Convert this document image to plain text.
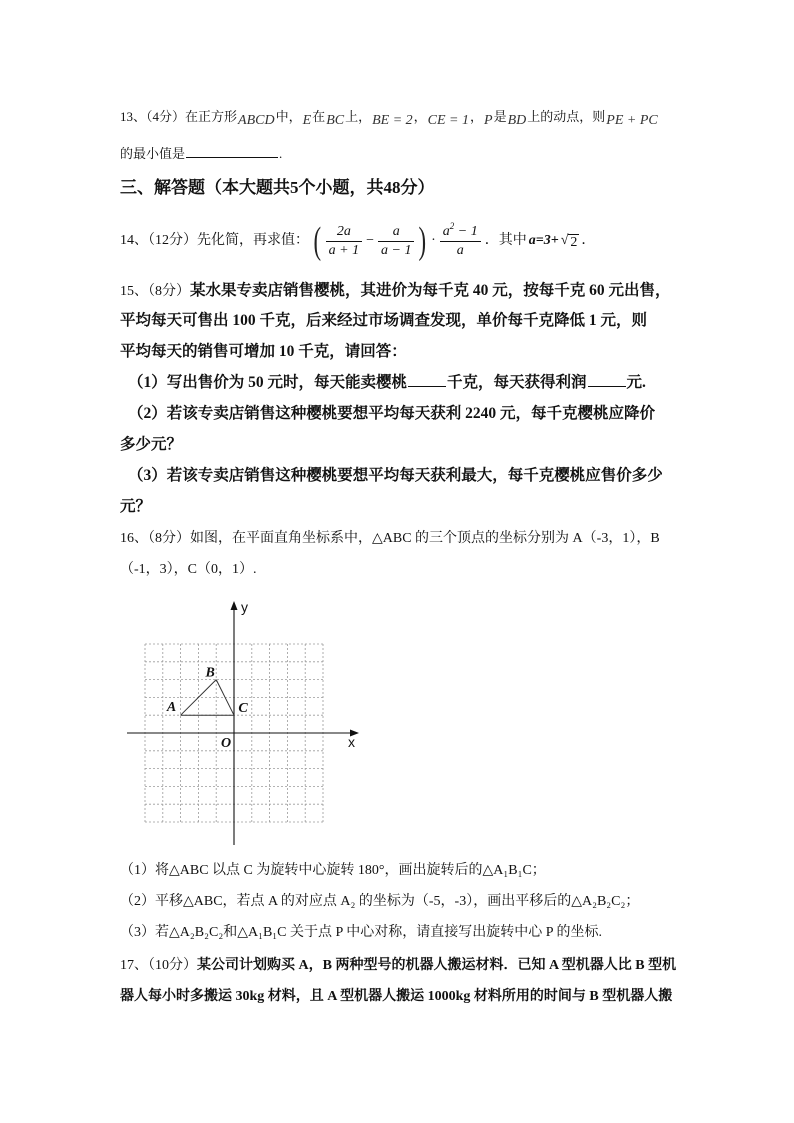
13、（4分）在正方形ABCD中，E在BC上，BE = 2，CE = 1，P是BD上的动点，则PE + PC
的最小值是	.
三、解答题（本大题共5个小题，共48分）
14、（12分） 先化简，再求值： ( $\frac{2a}{a + 1} - \frac{a}{a - 1}$ ) · $\frac{a^2 - 1}{a}$ ．其中 a=3+ √ 2 ．
15、（8分）某水果专卖店销售樱桃，其进价为每千克 40 元，按每千克 60 元出售，
平均每天可售出 100 千克，后来经过市场调查发现，单价每千克降低 1 元，则
平均每天的销售可增加 10 千克，请回答：
（1）写出售价为 50 元时，每天能卖樱桃	千克，每天获得利润	元.
（2）若该专卖店销售这种樱桃要想平均每天获利 2240 元，每千克樱桃应降价
多少元？
（3）若该专卖店销售这种樱桃要想平均每天获利最大，每千克樱桃应售价多少
元？
16、（8分）如图，在平面直角坐标系中，△ABC 的三个顶点的坐标分别为 A（-3，1），B
（-1，3），C（0，1）.
y
x
O
A
B
C
（1）将△ABC 以点 C 为旋转中心旋转 180°，画出旋转后的△A₁B₁C；
（2）平移△ABC，若点 A 的对应点 A₂ 的坐标为（-5，-3），画出平移后的△A₂B₂C₂；
（3）若△A₂B₂C₂和△A₁B₁C 关于点 P 中心对称，请直接写出旋转中心 P 的坐标.
17、（10分）某公司计划购买 A，B 两种型号的机器人搬运材料．已知 A 型机器人比 B 型机
器人每小时多搬运 30kg 材料，且 A 型机器人搬运 1000kg 材料所用的时间与 B 型机器人搬
